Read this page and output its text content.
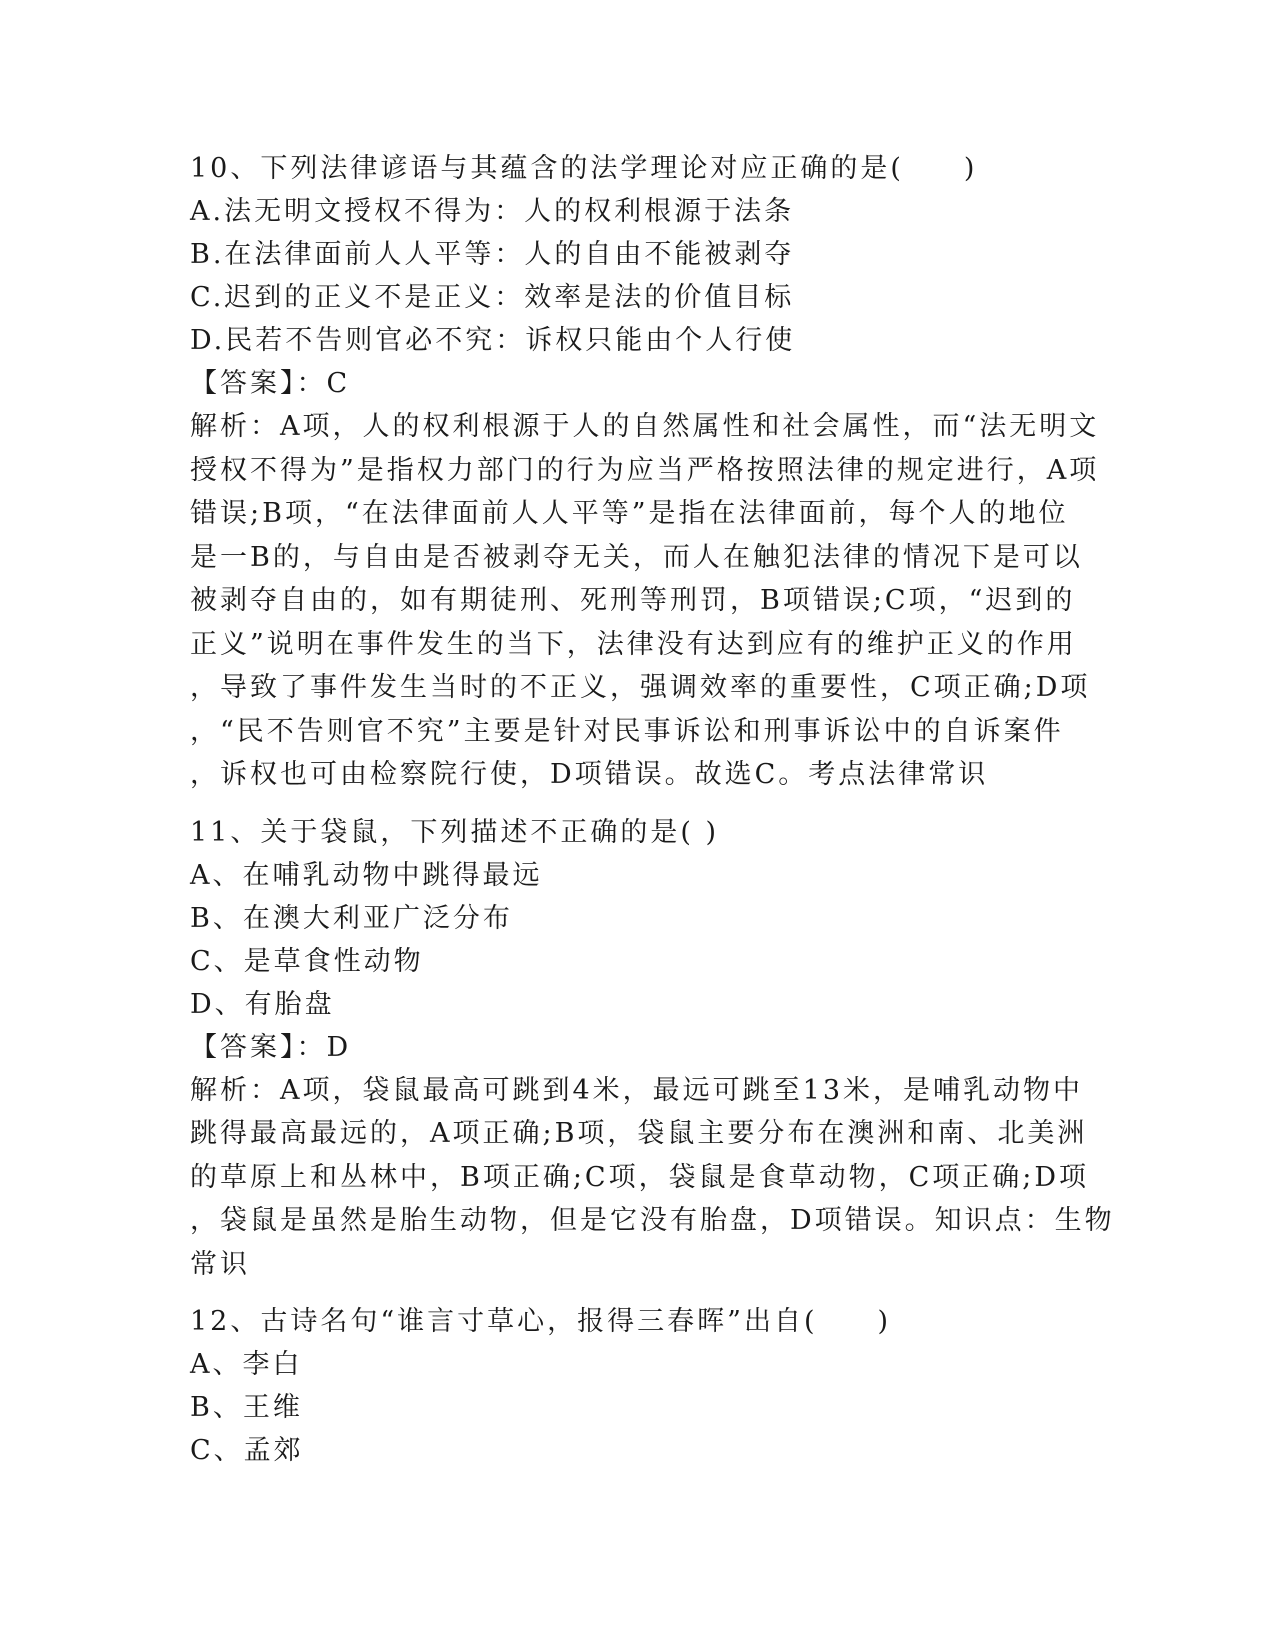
10、下列法律谚语与其蕴含的法学理论对应正确的是(　　)
A.法无明文授权不得为：人的权利根源于法条
B.在法律面前人人平等：人的自由不能被剥夺
C.迟到的正义不是正义：效率是法的价值目标
D.民若不告则官必不究：诉权只能由个人行使
【答案】：C
解析：A项，人的权利根源于人的自然属性和社会属性，而“法无明文
授权不得为”是指权力部门的行为应当严格按照法律的规定进行，A项
错误;B项，“在法律面前人人平等”是指在法律面前，每个人的地位
是一B的，与自由是否被剥夺无关，而人在触犯法律的情况下是可以
被剥夺自由的，如有期徒刑、死刑等刑罚，B项错误;C项，“迟到的
正义”说明在事件发生的当下，法律没有达到应有的维护正义的作用
，导致了事件发生当时的不正义，强调效率的重要性，C项正确;D项
，“民不告则官不究”主要是针对民事诉讼和刑事诉讼中的自诉案件
，诉权也可由检察院行使，D项错误。故选C。考点法律常识
11、关于袋鼠，下列描述不正确的是( )
A、在哺乳动物中跳得最远
B、在澳大利亚广泛分布
C、是草食性动物
D、有胎盘
【答案】：D
解析：A项，袋鼠最高可跳到4米，最远可跳至13米，是哺乳动物中
跳得最高最远的，A项正确;B项，袋鼠主要分布在澳洲和南、北美洲
的草原上和丛林中，B项正确;C项，袋鼠是食草动物，C项正确;D项
，袋鼠是虽然是胎生动物，但是它没有胎盘，D项错误。知识点：生物
常识
12、古诗名句“谁言寸草心，报得三春晖”出自(　　)
A、李白
B、王维
C、孟郊
